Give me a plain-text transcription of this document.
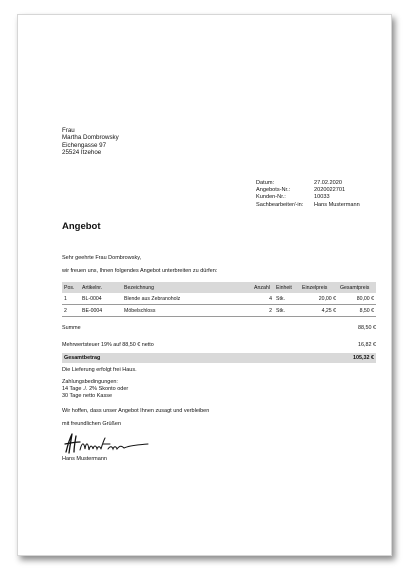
Frau
Martha Dombrowsky
Eichengasse 97
25524 Itzehoe
Datum:	27.02.2020
Angebots-Nr.:	2020022701
Kunden-Nr.:	10033
Sachbearbeiter/-in:	Hans Mustermann
Angebot
Sehr geehrte Frau Dombrowsky,
wir freuen uns, Ihnen folgendes Angebot unterbreiten zu dürfen:
Pos.	Artikelnr.	Bezeichnung	Anzahl	Einheit	Einzelpreis	Gesamtpreis
1	BL-0004	Blende aus Zebranoholz	4	Stk.	20,00 €	80,00 €
2	BE-0004	Möbelschloss	2	Stk.	4,25 €	8,50 €
Summe	88,50 €
Mehrwertsteuer 19% auf 88,50 € netto	16,82 €
Gesamtbetrag	105,32 €
Die Lieferung erfolgt frei Haus.
Zahlungsbedingungen:
14 Tage ./. 2% Skonto oder
30 Tage netto Kasse
Wir hoffen, dass unser Angebot Ihnen zusagt und verbleiben
mit freundlichen Grüßen
Hans Mustermann
